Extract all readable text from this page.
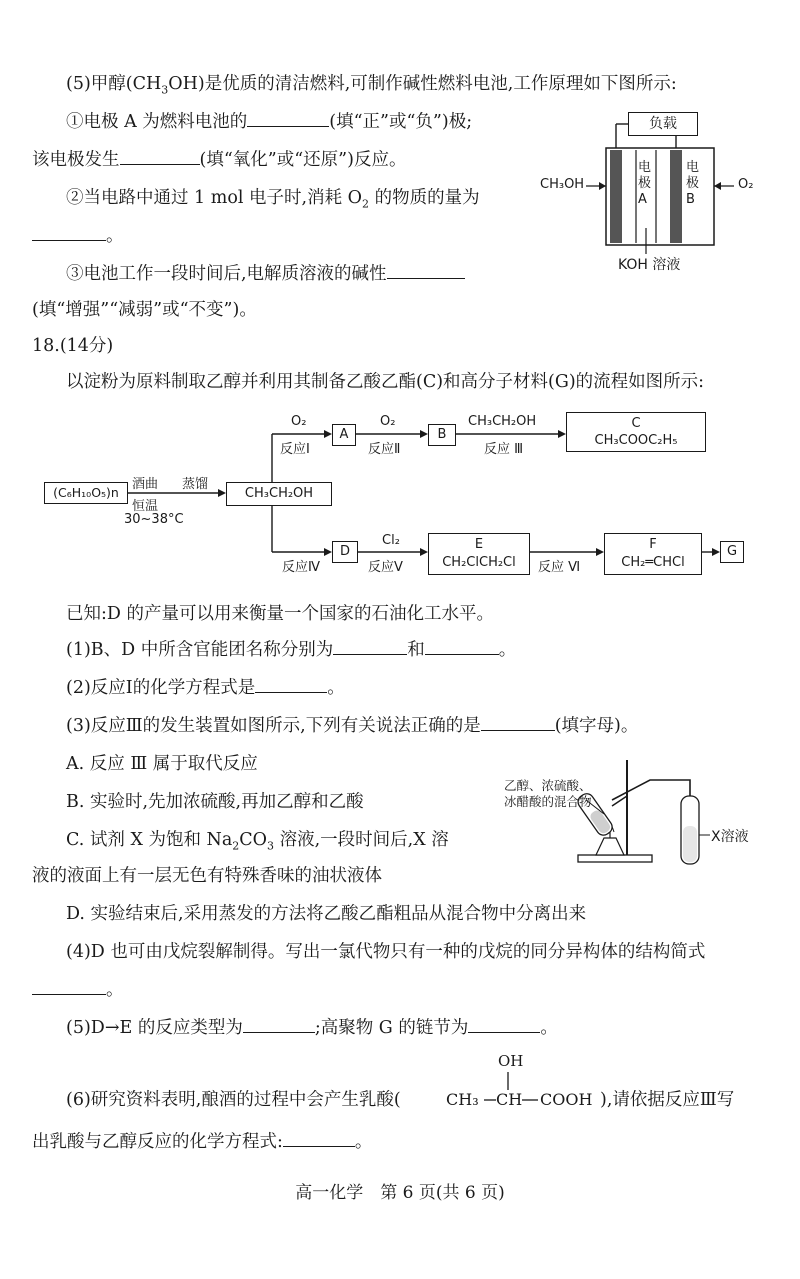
(5)甲醇$(CH_3OH)$是优质的清洁燃料,可制作碱性燃料电池,工作原理如下图所示:
①电极 A 为燃料电池的	(填“正”或“负”)极;
该电极发生	(填“氧化”或“还原”)反应。
②当电路中通过 1 mol 电子时,消耗 $O_2$ 的物质的量为
。
③电池工作一段时间后,电解质溶液的碱性
(填“增强”“减弱”或“不变”)。
负载
CH₃OH	O₂
电极A
电极B
KOH 溶液
18.(14分)
以淀粉为原料制取乙醇并利用其制备乙酸乙酯(C)和高分子材料(G)的流程如图所示:
(C₆H₁₀O₅)n
酒曲
恒温
30~38°C
蒸馏
CH₃CH₂OH
O₂
反应Ⅰ
A
O₂
反应Ⅱ
B
CH₃CH₂OH
反应 Ⅲ
C
CH₃COOC₂H₅
反应Ⅳ
D
Cl₂
反应Ⅴ
E
CH₂ClCH₂Cl	反应 Ⅵ
F
CH₂═CHCl
G
已知:D 的产量可以用来衡量一个国家的石油化工水平。
(1)B、D 中所含官能团名称分别为	和	。
(2)反应Ⅰ的化学方程式是	。
(3)反应Ⅲ的发生装置如图所示,下列有关说法正确的是	(填字母)。
A. 反应 Ⅲ 属于取代反应
B. 实验时,先加浓硫酸,再加乙醇和乙酸
C. 试剂 X 为饱和 $Na_2CO_3$ 溶液,一段时间后,X 溶
液的液面上有一层无色有特殊香味的油状液体
D. 实验结束后,采用蒸发的方法将乙酸乙酯粗品从混合物中分离出来
(4)D 也可由戊烷裂解制得。写出一氯代物只有一种的戊烷的同分异构体的结构简式
。
(5)D→E 的反应类型为	;高聚物 G 的链节为	。
OH
(6)研究资料表明,酿酒的过程中会产生乳酸(	CH₃ CH COOH ),请依据反应Ⅲ写
出乳酸与乙醇反应的化学方程式:	。
乙醇、浓硫酸、
冰醋酸的混合物
X溶液
高一化学　第 6 页(共 6 页)
